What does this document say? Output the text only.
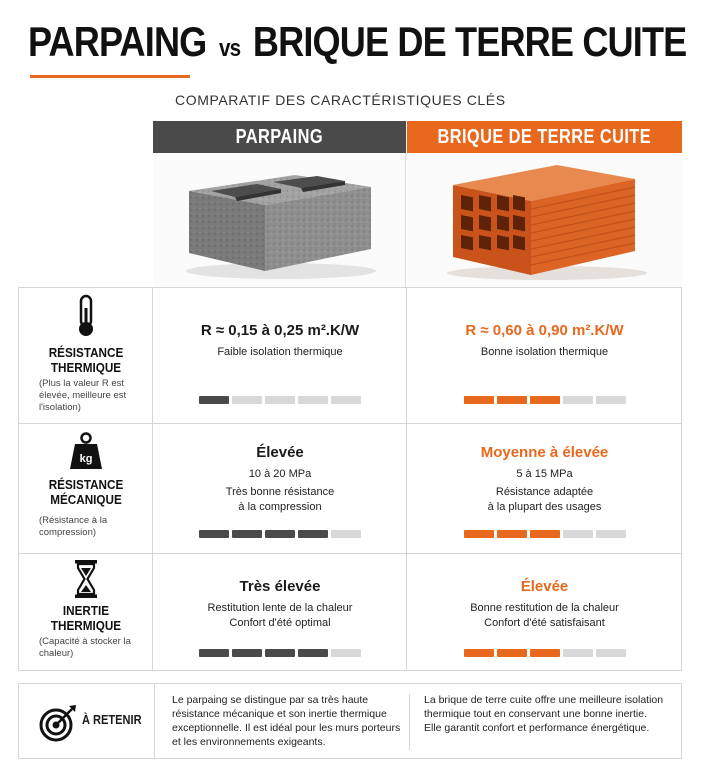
PARPAING vs BRIQUE DE TERRE CUITE
COMPARATIF DES CARACTÉRISTIQUES CLÉS
PARPAING	BRIQUE DE TERRE CUITE
RÉSISTANCE
THERMIQUE
(Plus la valeur R est élevée, meilleure est l'isolation)
R ≈ 0,15 à 0,25 m².K/W
Faible isolation thermique
R ≈ 0,60 à 0,90 m².K/W
Bonne isolation thermique
kg
RÉSISTANCE
MÉCANIQUE
(Résistance à la compression)
Élevée
10 à 20 MPa
Très bonne résistance
à la compression
Moyenne à élevée
5 à 15 MPa
Résistance adaptée
à la plupart des usages
INERTIE
THERMIQUE
(Capacité à stocker la chaleur)
Très élevée
Restitution lente de la chaleur
Confort d'été optimal
Élevée
Bonne restitution de la chaleur
Confort d'été satisfaisant
À RETENIR
Le parpaing se distingue par sa très haute résistance mécanique et son inertie thermique exceptionnelle. Il est idéal pour les murs porteurs et les environnements exigeants.
La brique de terre cuite offre une meilleure isolation thermique tout en conservant une bonne inertie. Elle garantit confort et performance énergétique.
